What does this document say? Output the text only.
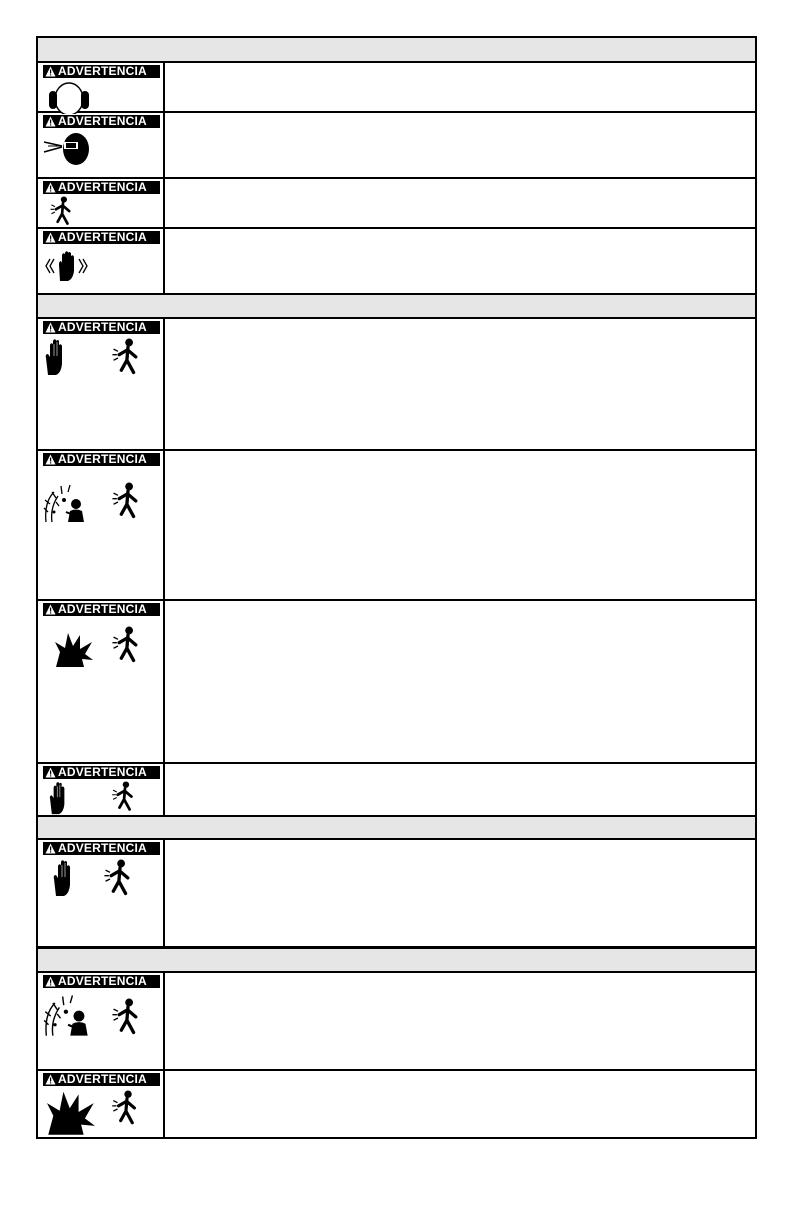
ADVERTENCIA
ADVERTENCIA
ADVERTENCIA
ADVERTENCIA
ADVERTENCIA
ADVERTENCIA
ADVERTENCIA
ADVERTENCIA
ADVERTENCIA
ADVERTENCIA
ADVERTENCIA
